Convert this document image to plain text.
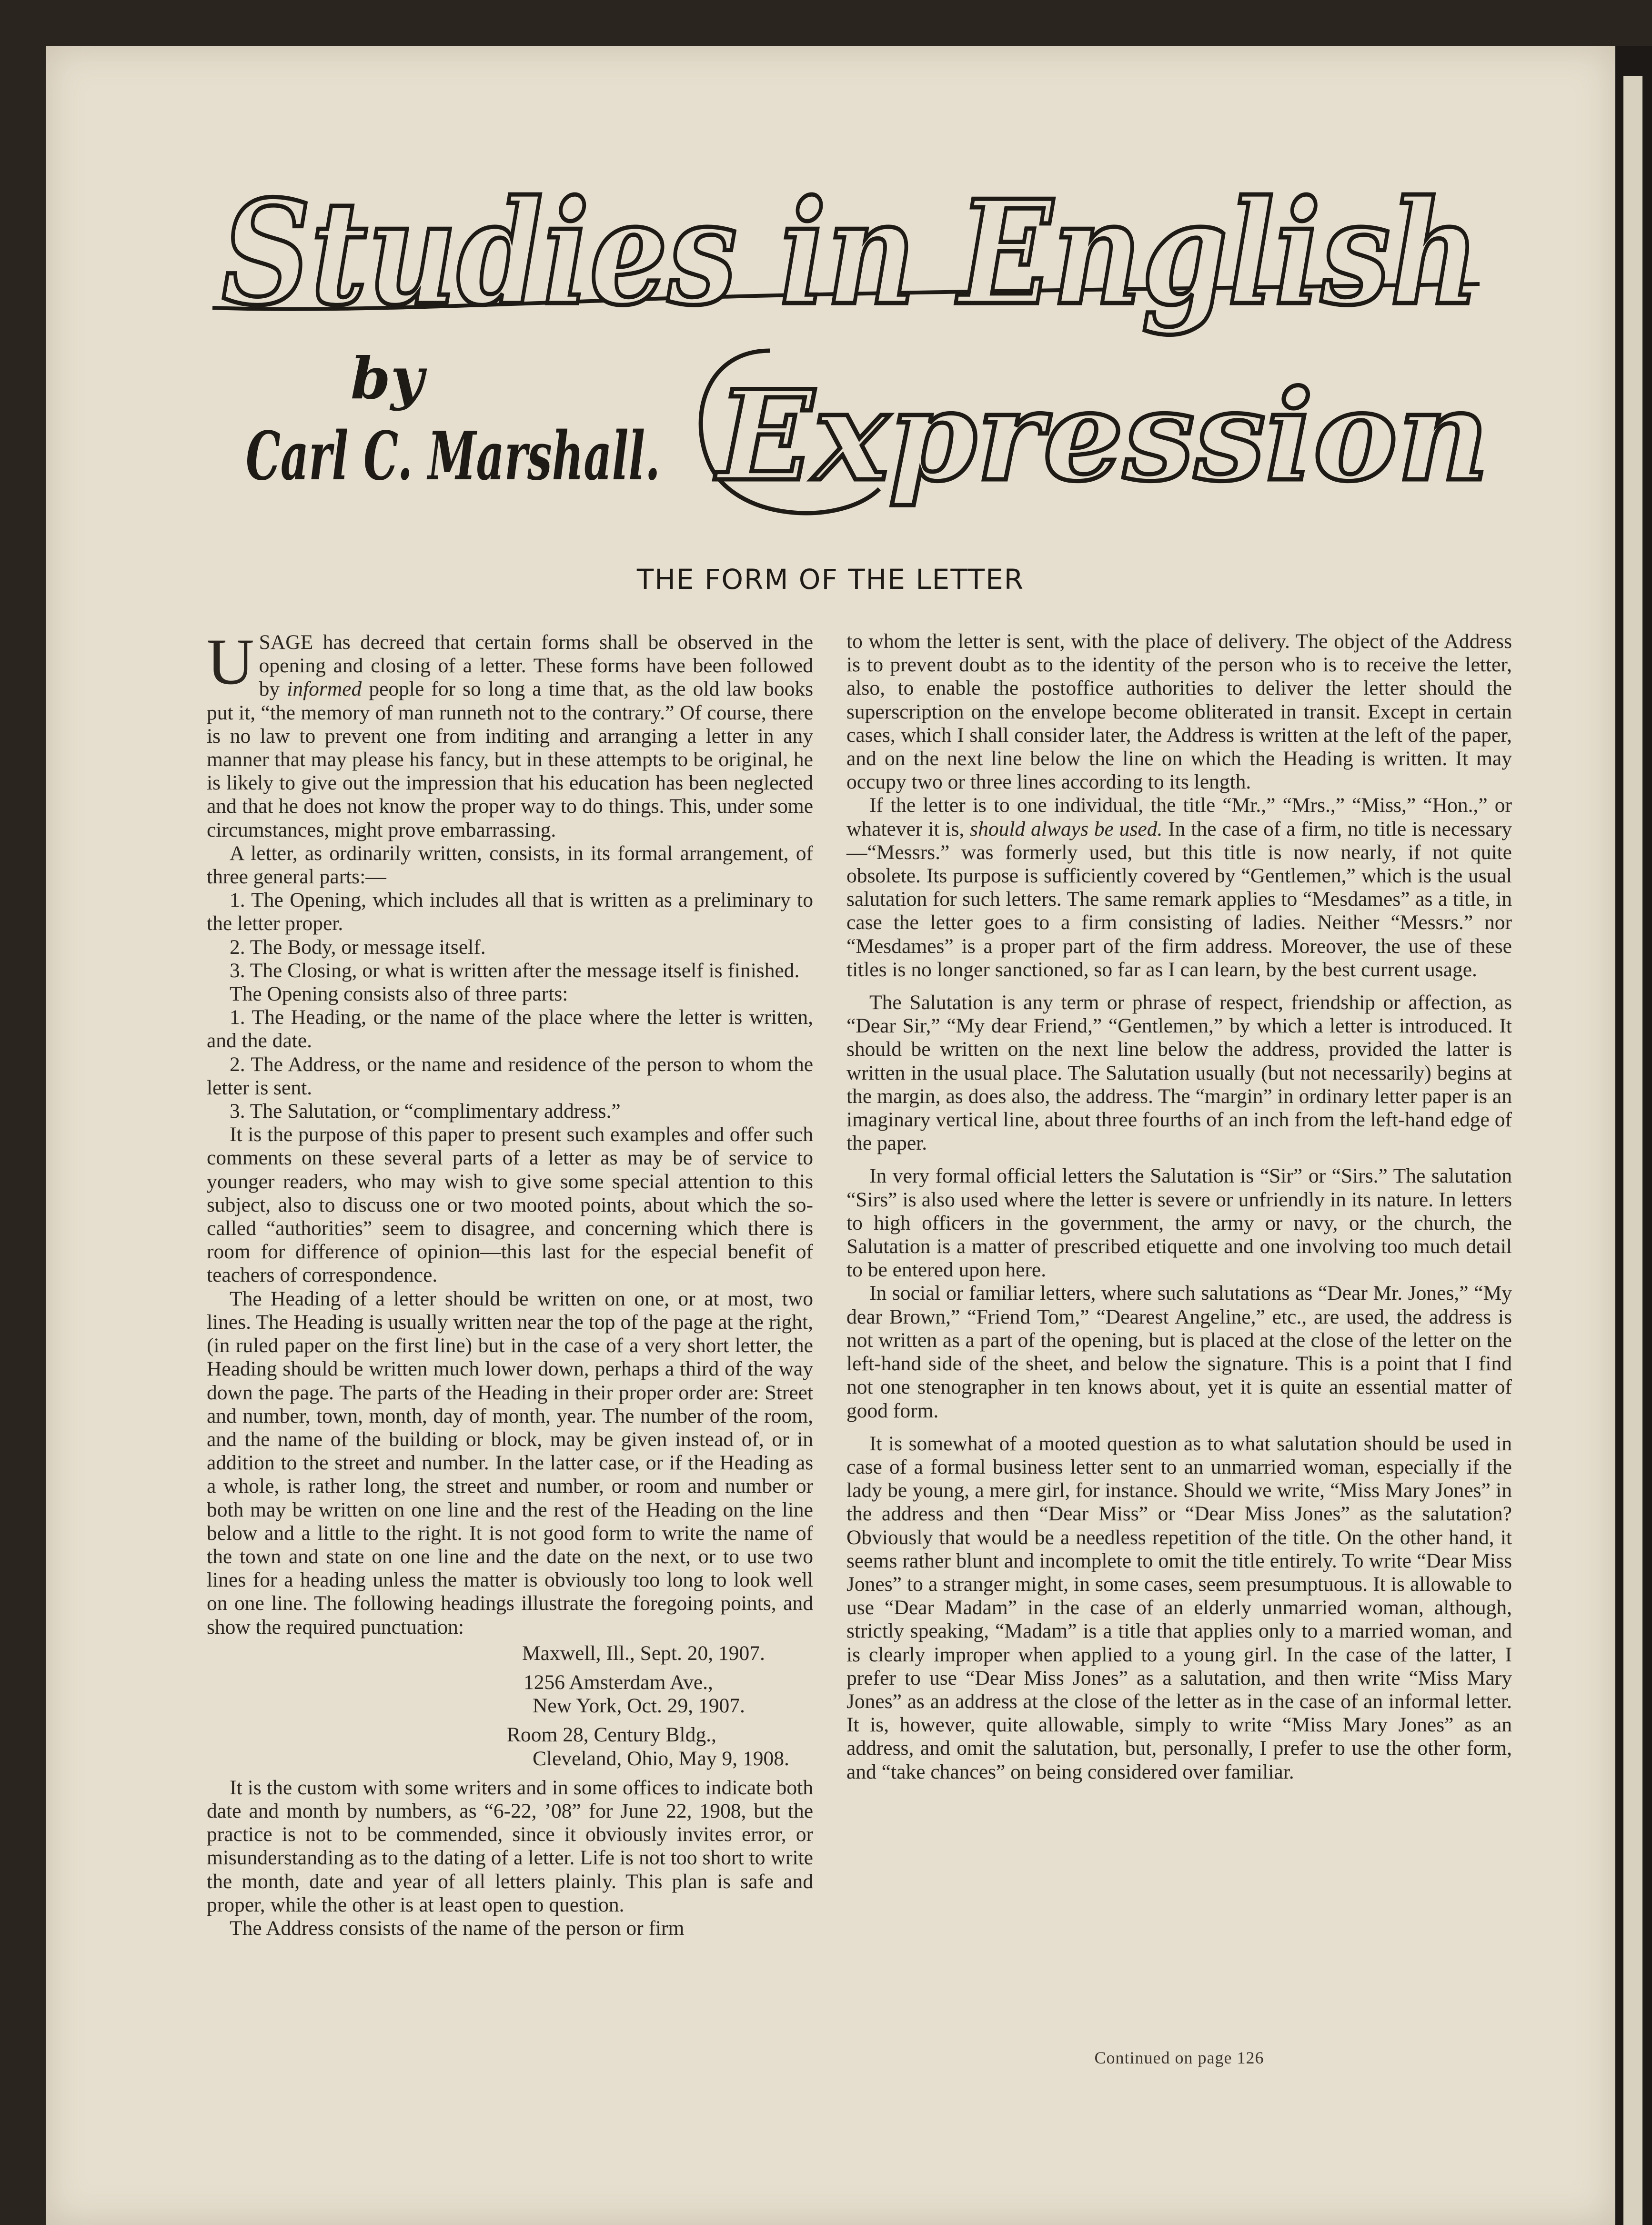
Studies in English
Expression
by
Carl C. Marshall.
THE FORM OF THE LETTER

USAGE has decreed that certain forms shall be observed in the opening and closing of a letter. These forms have been followed by informed people for so long a time that, as the old law books put it, “the memory of man runneth not to the contrary.” Of course, there is no law to prevent one from inditing and arranging a letter in any manner that may please his fancy, but in these attempts to be original, he is likely to give out the impression that his education has been neglected and that he does not know the proper way to do things. This, under some circumstances, might prove embarrassing.

A letter, as ordinarily written, consists, in its formal arrangement, of three general parts:—

1. The Opening, which includes all that is written as a preliminary to the letter proper.

2. The Body, or message itself.

3. The Closing, or what is written after the message itself is finished.

The Opening consists also of three parts:

1. The Heading, or the name of the place where the letter is written, and the date.

2. The Address, or the name and residence of the person to whom the letter is sent.

3. The Salutation, or “complimentary address.”

It is the purpose of this paper to present such examples and offer such comments on these several parts of a letter as may be of service to younger readers, who may wish to give some special attention to this subject, also to discuss one or two mooted points, about which the so-called “authorities” seem to disagree, and concerning which there is room for difference of opinion—this last for the especial benefit of teachers of correspondence.

The Heading of a letter should be written on one, or at most, two lines. The Heading is usually written near the top of the page at the right, (in ruled paper on the first line) but in the case of a very short letter, the Heading should be written much lower down, perhaps a third of the way down the page. The parts of the Heading in their proper order are: Street and number, town, month, day of month, year. The number of the room, and the name of the building or block, may be given instead of, or in addition to the street and number. In the latter case, or if the Heading as a whole, is rather long, the street and number, or room and number or both may be written on one line and the rest of the Heading on the line below and a little to the right. It is not good form to write the name of the town and state on one line and the date on the next, or to use two lines for a heading unless the matter is obviously too long to look well on one line. The following headings illustrate the foregoing points, and show the required punctuation:

Maxwell, Ill., Sept. 20, 1907.
1256 Amsterdam Ave.,
New York, Oct. 29, 1907.
Room 28, Century Bldg.,
Cleveland, Ohio, May 9, 1908.

It is the custom with some writers and in some offices to indicate both date and month by numbers, as “6-22, ’08” for June 22, 1908, but the practice is not to be commended, since it obviously invites error, or misunderstanding as to the dating of a letter. Life is not too short to write the month, date and year of all letters plainly. This plan is safe and proper, while the other is at least open to question.

The Address consists of the name of the person or firm

to whom the letter is sent, with the place of delivery. The object of the Address is to prevent doubt as to the identity of the person who is to receive the letter, also, to enable the postoffice authorities to deliver the letter should the superscription on the envelope become obliterated in transit. Except in certain cases, which I shall consider later, the Address is written at the left of the paper, and on the next line below the line on which the Heading is written. It may occupy two or three lines according to its length.

If the letter is to one individual, the title “Mr.,” “Mrs.,” “Miss,” “Hon.,” or whatever it is, should always be used. In the case of a firm, no title is necessary—“Messrs.” was formerly used, but this title is now nearly, if not quite obsolete. Its purpose is sufficiently covered by “Gentlemen,” which is the usual salutation for such letters. The same remark applies to “Mesdames” as a title, in case the letter goes to a firm consisting of ladies. Neither “Messrs.” nor “Mesdames” is a proper part of the firm address. Moreover, the use of these titles is no longer sanctioned, so far as I can learn, by the best current usage.

The Salutation is any term or phrase of respect, friendship or affection, as “Dear Sir,” “My dear Friend,” “Gentlemen,” by which a letter is introduced. It should be written on the next line below the address, provided the latter is written in the usual place. The Salutation usually (but not necessarily) begins at the margin, as does also, the address. The “margin” in ordinary letter paper is an imaginary vertical line, about three fourths of an inch from the left-hand edge of the paper.

In very formal official letters the Salutation is “Sir” or “Sirs.” The salutation “Sirs” is also used where the letter is severe or unfriendly in its nature. In letters to high officers in the government, the army or navy, or the church, the Salutation is a matter of prescribed etiquette and one involving too much detail to be entered upon here.

In social or familiar letters, where such salutations as “Dear Mr. Jones,” “My dear Brown,” “Friend Tom,” “Dearest Angeline,” etc., are used, the address is not written as a part of the opening, but is placed at the close of the letter on the left-hand side of the sheet, and below the signature. This is a point that I find not one stenographer in ten knows about, yet it is quite an essential matter of good form.

It is somewhat of a mooted question as to what salutation should be used in case of a formal business letter sent to an unmarried woman, especially if the lady be young, a mere girl, for instance. Should we write, “Miss Mary Jones” in the address and then “Dear Miss” or “Dear Miss Jones” as the salutation? Obviously that would be a needless repetition of the title. On the other hand, it seems rather blunt and incomplete to omit the title entirely. To write “Dear Miss Jones” to a stranger might, in some cases, seem presumptuous. It is allowable to use “Dear Madam” in the case of an elderly unmarried woman, although, strictly speaking, “Madam” is a title that applies only to a married woman, and is clearly improper when applied to a young girl. In the case of the latter, I prefer to use “Dear Miss Jones” as a salutation, and then write “Miss Mary Jones” as an address at the close of the letter as in the case of an informal letter. It is, however, quite allowable, simply to write “Miss Mary Jones” as an address, and omit the salutation, but, personally, I prefer to use the other form, and “take chances” on being considered over familiar.

Continued on page 126
